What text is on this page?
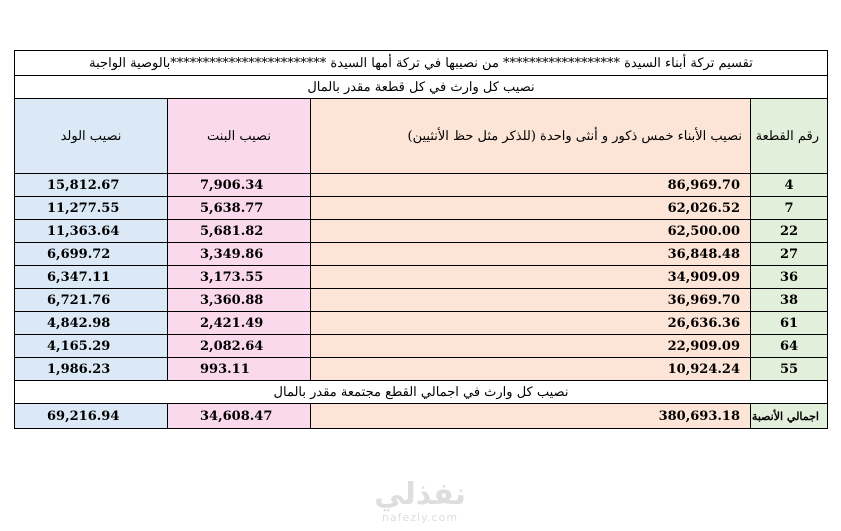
تقسيم تركة أبناء السيدة ****************** من نصيبها في تركة أمها السيدة ************************بالوصية الواجبة			
نصيب كل وارث في كل قطعة مقدر بالمال			
نصيب الولد	نصيب البنت	نصيب الأبناء خمس ذكور و أنثى واحدة (للذكر مثل حظ الأنثيين)	رقم القطعة
15,812.67	7,906.34	86,969.70	4
11,277.55	5,638.77	62,026.52	7
11,363.64	5,681.82	62,500.00	22
6,699.72	3,349.86	36,848.48	27
6,347.11	3,173.55	34,909.09	36
6,721.76	3,360.88	36,969.70	38
4,842.98	2,421.49	26,636.36	61
4,165.29	2,082.64	22,909.09	64
1,986.23	993.11	10,924.24	55
نصيب كل وارث في اجمالي القطع مجتمعة مقدر بالمال			
69,216.94	34,608.47	380,693.18	اجمالي الأنصبة
نفذلي
nafezly.com
